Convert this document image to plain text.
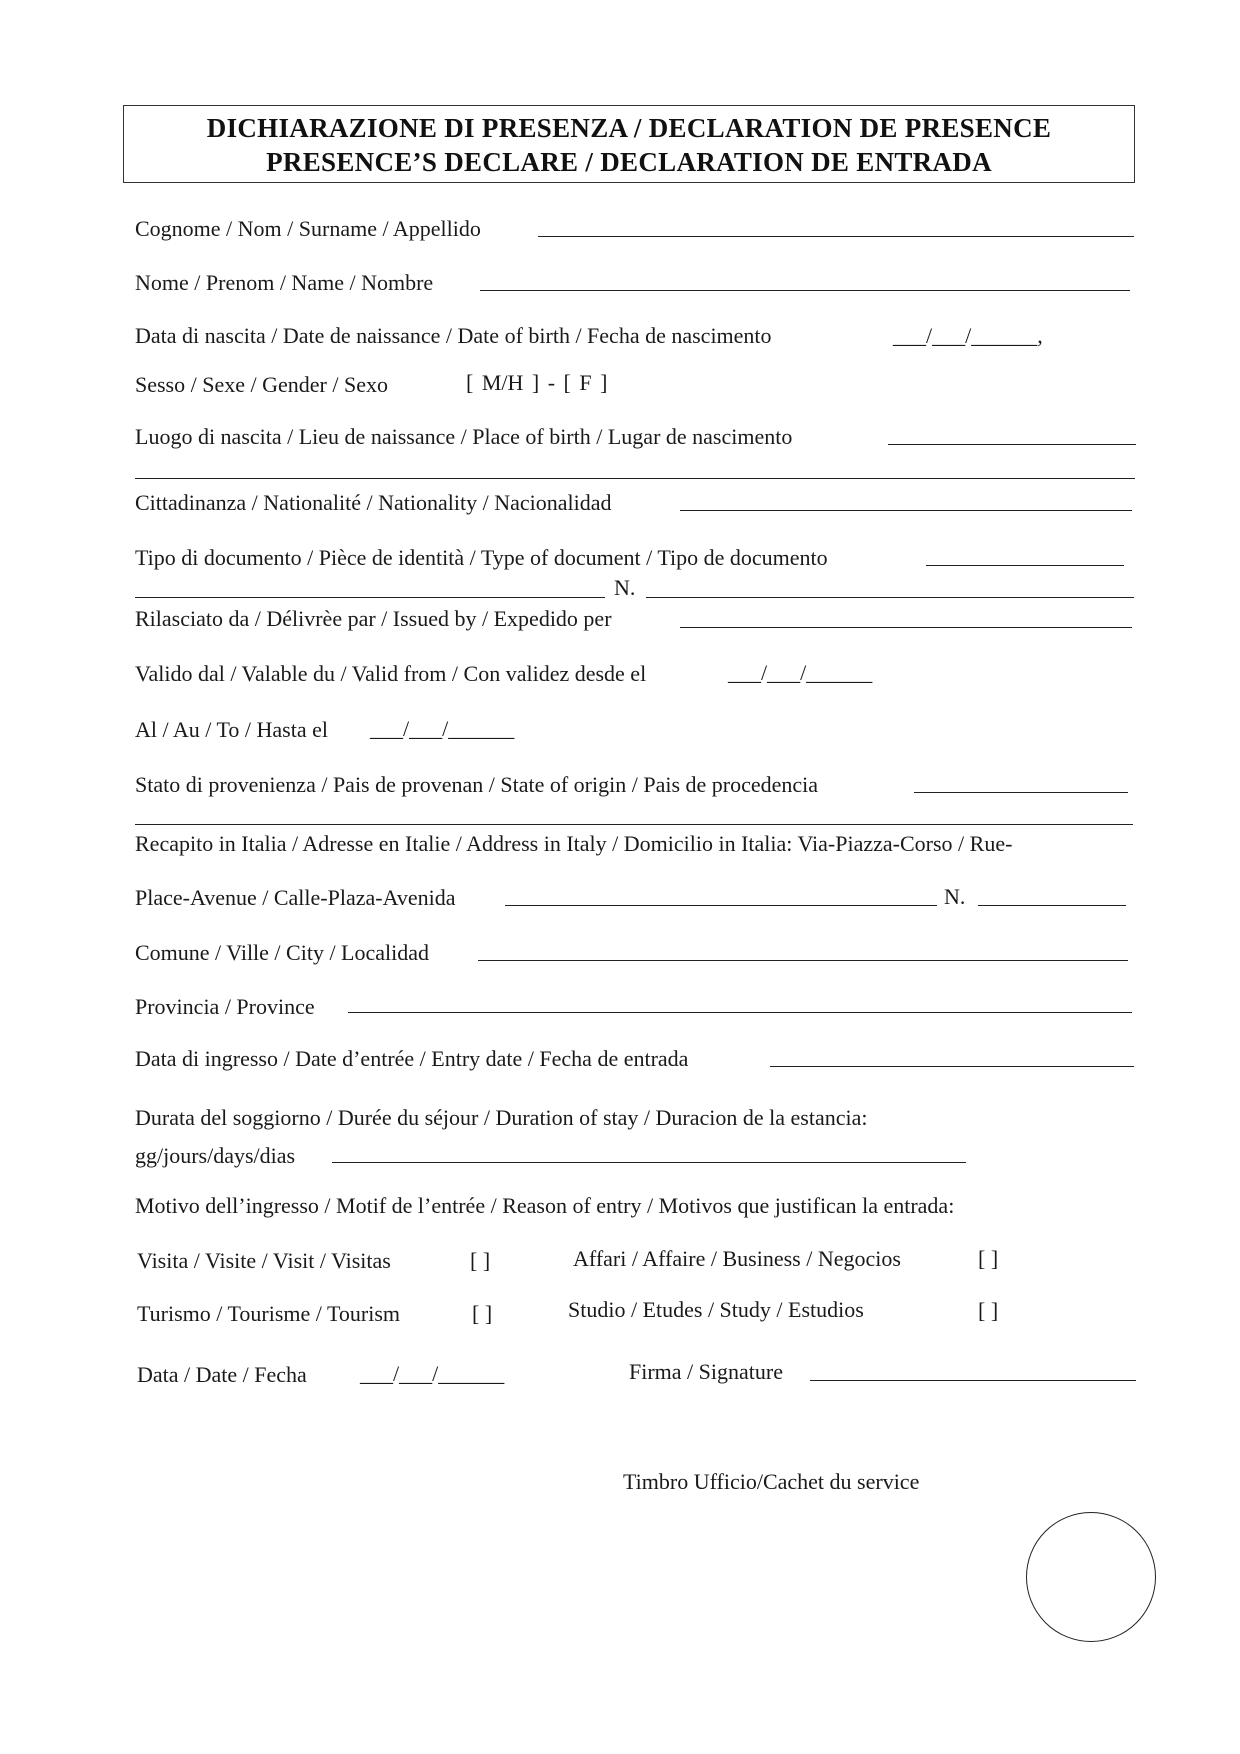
DICHIARAZIONE DI PRESENZA / DECLARATION DE PRESENCE
PRESENCE’S DECLARE / DECLARATION DE ENTRADA
Cognome / Nom / Surname / Appellido
Nome / Prenom / Name / Nombre
Data di nascita / Date de naissance / Date of birth / Fecha de nascimento	___/___/______,
Sesso / Sexe / Gender / Sexo	[ M/H ] - [ F ]
Luogo di nascita / Lieu de naissance / Place of birth / Lugar de nascimento
Cittadinanza / Nationalité / Nationality / Nacionalidad
Tipo di documento / Pièce de identità / Type of document / Tipo de documento
N.
Rilasciato da / Délivrèe par / Issued by / Expedido per
Valido dal / Valable du / Valid from / Con validez desde el	___/___/______
Al / Au / To / Hasta el ___/___/______
Stato di provenienza / Pais de provenan / State of origin / Pais de procedencia
Recapito in Italia / Adresse en Italie / Address in Italy / Domicilio in Italia: Via-Piazza-Corso / Rue-
Place-Avenue / Calle-Plaza-Avenida	N.
Comune / Ville / City / Localidad
Provincia / Province
Data di ingresso / Date d’entrée / Entry date / Fecha de entrada
Durata del soggiorno / Durée du séjour / Duration of stay / Duracion de la estancia:
gg/jours/days/dias
Motivo dell’ingresso / Motif de l’entrée / Reason of entry / Motivos que justifican la entrada:
Visita / Visite / Visit / Visitas	[ ]	Affari / Affaire / Business / Negocios	[ ]
Turismo / Tourisme / Tourism	[ ]	Studio / Etudes / Study / Estudios	[ ]
Data / Date / Fecha ___/___/______	Firma / Signature
Timbro Ufficio/Cachet du service
